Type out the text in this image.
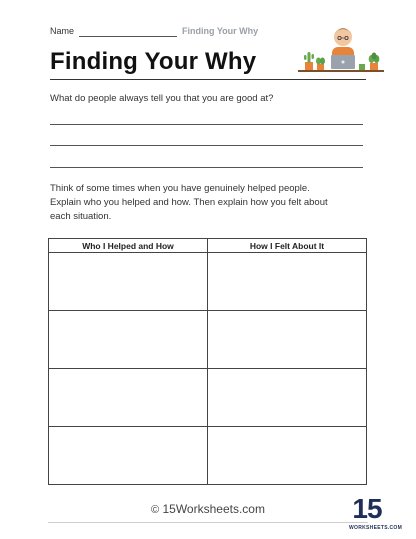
Name	Finding Your Why
Finding Your Why
What do people always tell you that you are good at?
Think of some times when you have genuinely helped people.
Explain who you helped and how. Then explain how you felt about
each situation.
Who I Helped and How	How I Felt About It

© 15Worksheets.com	15
WORKSHEETS.COM
